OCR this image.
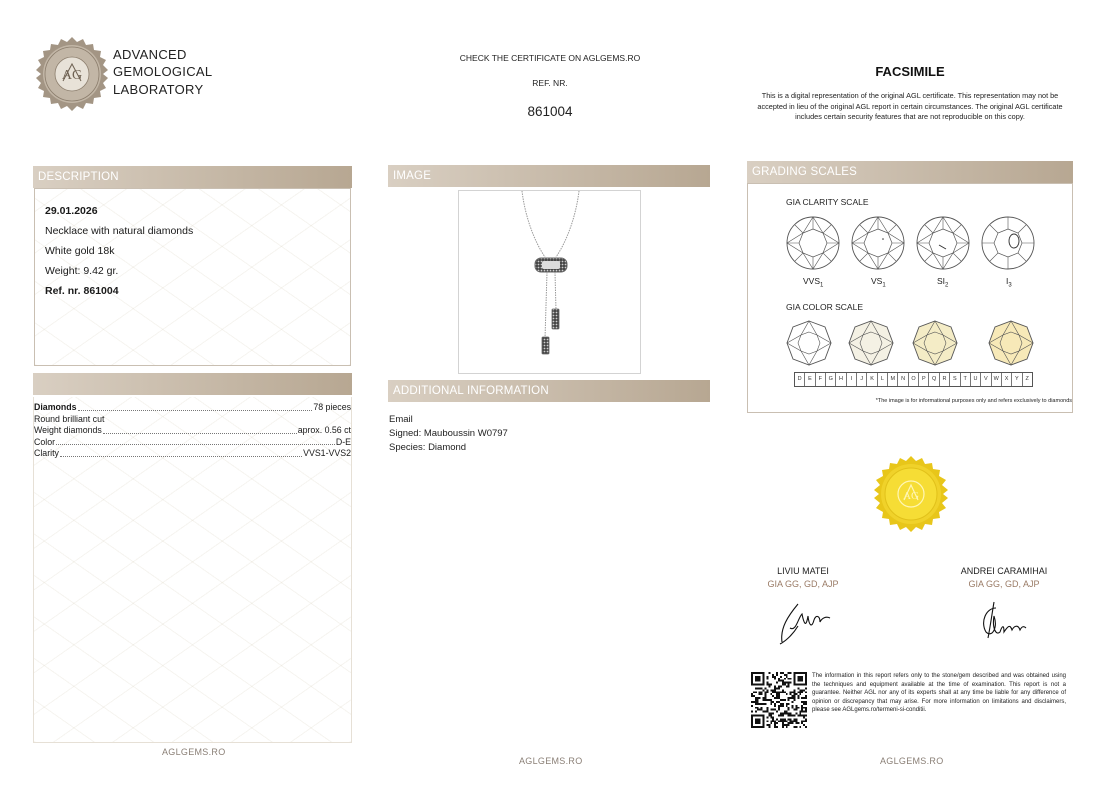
AG
ADVANCED
GEMOLOGICAL
LABORATORY
CHECK THE CERTIFICATE ON AGLGEMS.RO
REF. NR.
861004
FACSIMILE
This is a digital representation of the original AGL certificate. This representation may not be accepted in lieu of the original AGL report in certain circumstances. The original AGL certificate includes certain security features that are not reproducible on this copy.
DESCRIPTION
29.01.2026
Necklace with natural diamonds
White gold 18k
Weight: 9.42 gr.
Ref. nr. 861004
Diamonds	78 pieces
Round brilliant cut
Weight diamonds	aprox. 0.56 ct
Color	D-E
Clarity	VVS1-VVS2
AGLGEMS.RO
IMAGE
ADDITIONAL INFORMATION
Email
Signed: Mauboussin W0797
Species: Diamond
AGLGEMS.RO
GRADING SCALES
GIA CLARITY SCALE
$VVS_1$	$VS_1$	$SI_2$	$I_3$
GIA COLOR SCALE
D	E	F	G	H	I	J	K	L	M	N	O	P	Q	R	S	T	U	V	W	X	Y	Z
*The image is for informational purposes only and refers exclusively to diamonds
AG
LIVIU MATEI
GIA GG, GD, AJP
ANDREI CARAMIHAI
GIA GG, GD, AJP
The information in this report refers only to the stone/gem described and was obtained using the techniques and equipment available at the time of examination. This report is not a guarantee. Neither AGL nor any of its experts shall at any time be liable for any difference of opinion or discrepancy that may arise. For more information on limitations and disclaimers, please see AGLgems.ro/termeni-si-conditii.
AGLGEMS.RO
